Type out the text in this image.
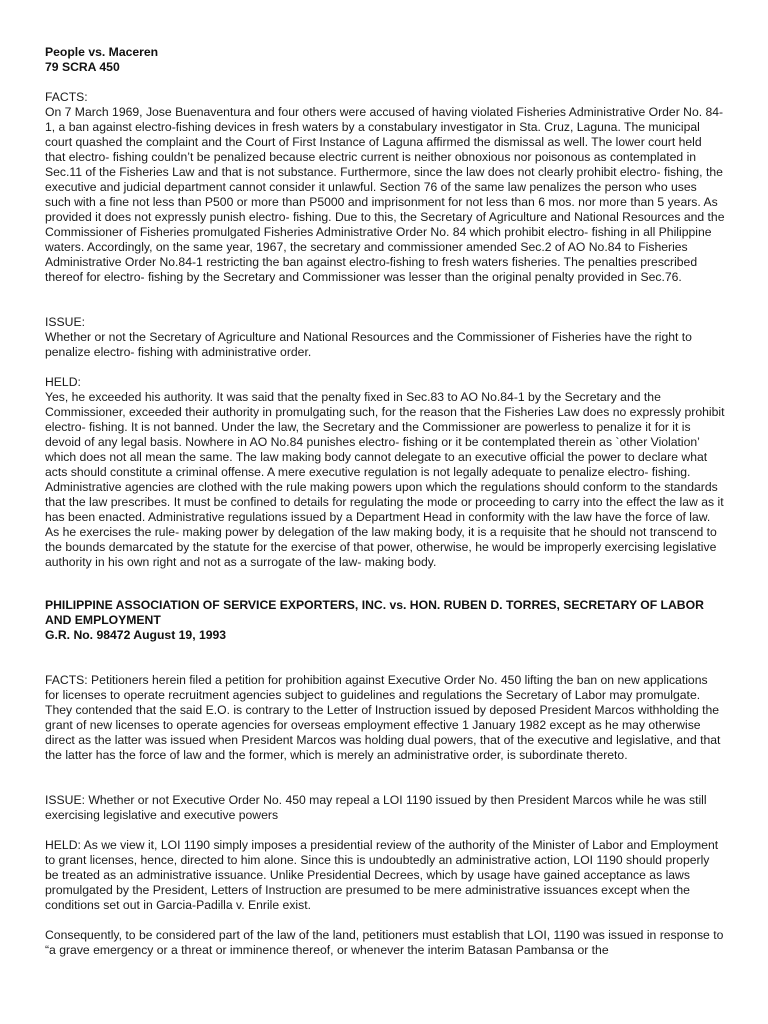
People vs. Maceren
79 SCRA 450
FACTS:
On 7 March 1969, Jose Buenaventura and four others were accused of having violated Fisheries Administrative Order No. 84-1, a ban against electro-fishing devices in fresh waters by a constabulary investigator in Sta. Cruz, Laguna. The municipal court quashed the complaint and the Court of First Instance of Laguna affirmed the dismissal as well. The lower court held that electro- fishing couldn’t be penalized because electric current is neither obnoxious nor poisonous as contemplated in Sec.11 of the Fisheries Law and that is not substance. Furthermore, since the law does not clearly prohibit electro- fishing, the executive and judicial department cannot consider it unlawful. Section 76 of the same law penalizes the person who uses such with a fine not less than P500 or more than P5000 and imprisonment for not less than 6 mos. nor more than 5 years. As provided it does not expressly punish electro- fishing. Due to this, the Secretary of Agriculture and National Resources and the Commissioner of Fisheries promulgated Fisheries Administrative Order No. 84 which prohibit electro- fishing in all Philippine waters. Accordingly, on the same year, 1967, the secretary and commissioner amended Sec.2 of AO No.84 to Fisheries Administrative Order No.84-1 restricting the ban against electro-fishing to fresh waters fisheries. The penalties prescribed thereof for electro- fishing by the Secretary and Commissioner was lesser than the original penalty provided in Sec.76.
ISSUE:
Whether or not the Secretary of Agriculture and National Resources and the Commissioner of Fisheries have the right to penalize electro- fishing with administrative order.
HELD:
Yes, he exceeded his authority. It was said that the penalty fixed in Sec.83 to AO No.84-1 by the Secretary and the Commissioner, exceeded their authority in promulgating such, for the reason that the Fisheries Law does no expressly prohibit electro- fishing. It is not banned. Under the law, the Secretary and the Commissioner are powerless to penalize it for it is devoid of any legal basis. Nowhere in AO No.84 punishes electro- fishing or it be contemplated therein as `other Violation’ which does not all mean the same. The law making body cannot delegate to an executive official the power to declare what acts should constitute a criminal offense. A mere executive regulation is not legally adequate to penalize electro- fishing. Administrative agencies are clothed with the rule making powers upon which the regulations should conform to the standards that the law prescribes. It must be confined to details for regulating the mode or proceeding to carry into the effect the law as it has been enacted. Administrative regulations issued by a Department Head in conformity with the law have the force of law. As he exercises the rule- making power by delegation of the law making body, it is a requisite that he should not transcend to the bounds demarcated by the statute for the exercise of that power, otherwise, he would be improperly exercising legislative authority in his own right and not as a surrogate of the law- making body.
PHILIPPINE ASSOCIATION OF SERVICE EXPORTERS, INC. vs. HON. RUBEN D. TORRES, SECRETARY OF LABOR AND EMPLOYMENT
G.R. No. 98472 August 19, 1993
FACTS: Petitioners herein filed a petition for prohibition against Executive Order No. 450 lifting the ban on new applications for licenses to operate recruitment agencies subject to guidelines and regulations the Secretary of Labor may promulgate. They contended that the said E.O. is contrary to the Letter of Instruction issued by deposed President Marcos withholding the grant of new licenses to operate agencies for overseas employment effective 1 January 1982 except as he may otherwise direct as the latter was issued when President Marcos was holding dual powers, that of the executive and legislative, and that the latter has the force of law and the former, which is merely an administrative order, is subordinate thereto.
ISSUE: Whether or not Executive Order No. 450 may repeal a LOI 1190 issued by then President Marcos while he was still exercising legislative and executive powers
HELD: As we view it, LOI 1190 simply imposes a presidential review of the authority of the Minister of Labor and Employment to grant licenses, hence, directed to him alone. Since this is undoubtedly an administrative action, LOI 1190 should properly be treated as an administrative issuance. Unlike Presidential Decrees, which by usage have gained acceptance as laws promulgated by the President, Letters of Instruction are presumed to be mere administrative issuances except when the conditions set out in Garcia-Padilla v. Enrile exist.
Consequently, to be considered part of the law of the land, petitioners must establish that LOI, 1190 was issued in response to “a grave emergency or a threat or imminence thereof, or whenever the interim Batasan Pambansa or the
